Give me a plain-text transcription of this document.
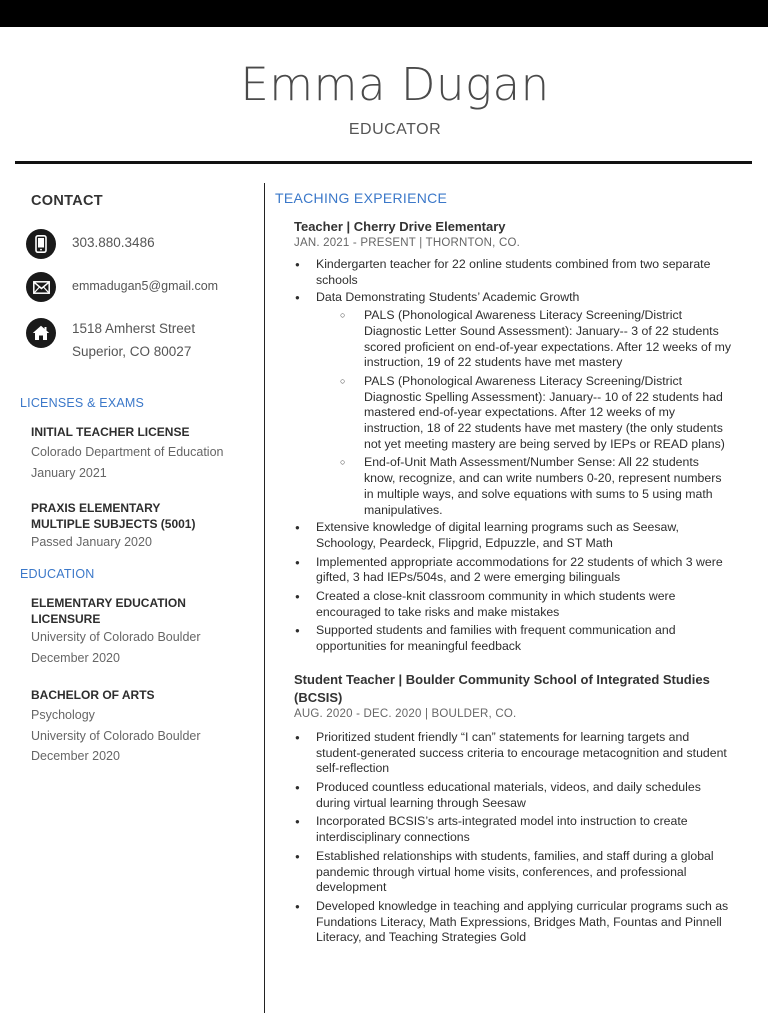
Emma Dugan
EDUCATOR
CONTACT
303.880.3486
emmadugan5@gmail.com
1518 Amherst Street
Superior, CO 80027
LICENSES & EXAMS
INITIAL TEACHER LICENSE
Colorado Department of Education
January 2021
PRAXIS ELEMENTARY MULTIPLE SUBJECTS (5001)
Passed January 2020
EDUCATION
ELEMENTARY EDUCATION LICENSURE
University of Colorado Boulder
December 2020
BACHELOR OF ARTS
Psychology
University of Colorado Boulder
December 2020
TEACHING EXPERIENCE
Teacher | Cherry Drive Elementary
JAN. 2021 - PRESENT | THORNTON, CO.
● Kindergarten teacher for 22 online students combined from two separate schools
● Data Demonstrating Students’ Academic Growth
○ PALS (Phonological Awareness Literacy Screening/District Diagnostic Letter Sound Assessment): January-- 3 of 22 students scored proficient on end-of-year expectations. After 12 weeks of my instruction, 19 of 22 students have met mastery
○ PALS (Phonological Awareness Literacy Screening/District Diagnostic Spelling Assessment): January-- 10 of 22 students had mastered end-of-year expectations. After 12 weeks of my instruction, 18 of 22 students have met mastery (the only students not yet meeting mastery are being served by IEPs or READ plans)
○ End-of-Unit Math Assessment/Number Sense: All 22 students know, recognize, and can write numbers 0-20, represent numbers in multiple ways, and solve equations with sums to 5 using math manipulatives.
● Extensive knowledge of digital learning programs such as Seesaw, Schoology, Peardeck, Flipgrid, Edpuzzle, and ST Math
● Implemented appropriate accommodations for 22 students of which 3 were gifted, 3 had IEPs/504s, and 2 were emerging bilinguals
● Created a close-knit classroom community in which students were encouraged to take risks and make mistakes
● Supported students and families with frequent communication and opportunities for meaningful feedback
Student Teacher | Boulder Community School of Integrated Studies (BCSIS)
AUG. 2020 - DEC. 2020 | BOULDER, CO.
● Prioritized student friendly “I can” statements for learning targets and student-generated success criteria to encourage metacognition and student self-reflection
● Produced countless educational materials, videos, and daily schedules during virtual learning through Seesaw
● Incorporated BCSIS’s arts-integrated model into instruction to create interdisciplinary connections
● Established relationships with students, families, and staff during a global pandemic through virtual home visits, conferences, and professional development
● Developed knowledge in teaching and applying curricular programs such as Fundations Literacy, Math Expressions, Bridges Math, Fountas and Pinnell Literacy, and Teaching Strategies Gold
